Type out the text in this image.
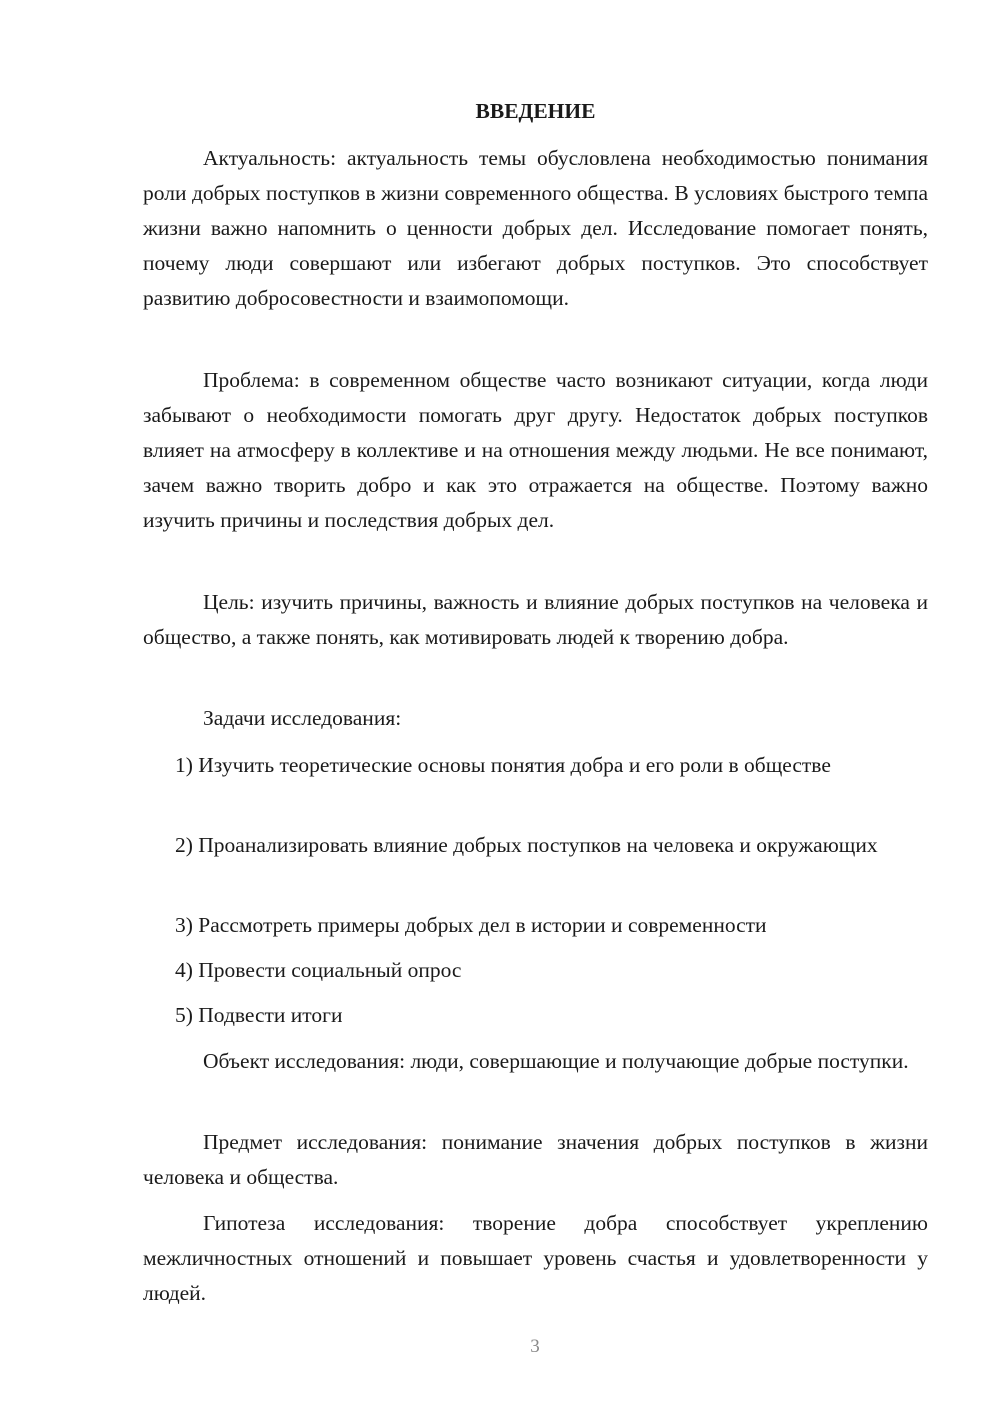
ВВЕДЕНИЕ

Актуальность: актуальность темы обусловлена необходимостью понимания роли добрых поступков в жизни современного общества. В условиях быстрого темпа жизни важно напомнить о ценности добрых дел. Исследование помогает понять, почему люди совершают или избегают добрых поступков. Это способствует развитию добросовестности и взаимопомощи.

Проблема: в современном обществе часто возникают ситуации, когда люди забывают о необходимости помогать друг другу. Недостаток добрых поступков влияет на атмосферу в коллективе и на отношения между людьми. Не все понимают, зачем важно творить добро и как это отражается на обществе. Поэтому важно изучить причины и последствия добрых дел.

Цель: изучить причины, важность и влияние добрых поступков на человека и общество, а также понять, как мотивировать людей к творению добра.

Задачи исследования:

1) Изучить теоретические основы понятия добра и его роли в обществе

2) Проанализировать влияние добрых поступков на человека и окружающих

3) Рассмотреть примеры добрых дел в истории и современности

4) Провести социальный опрос

5) Подвести итоги

Объект исследования: люди, совершающие и получающие добрые поступки.

Предмет исследования: понимание значения добрых поступков в жизни человека и общества.

Гипотеза исследования: творение добра способствует укреплению межличностных отношений и повышает уровень счастья и удовлетворенности у людей.

3
